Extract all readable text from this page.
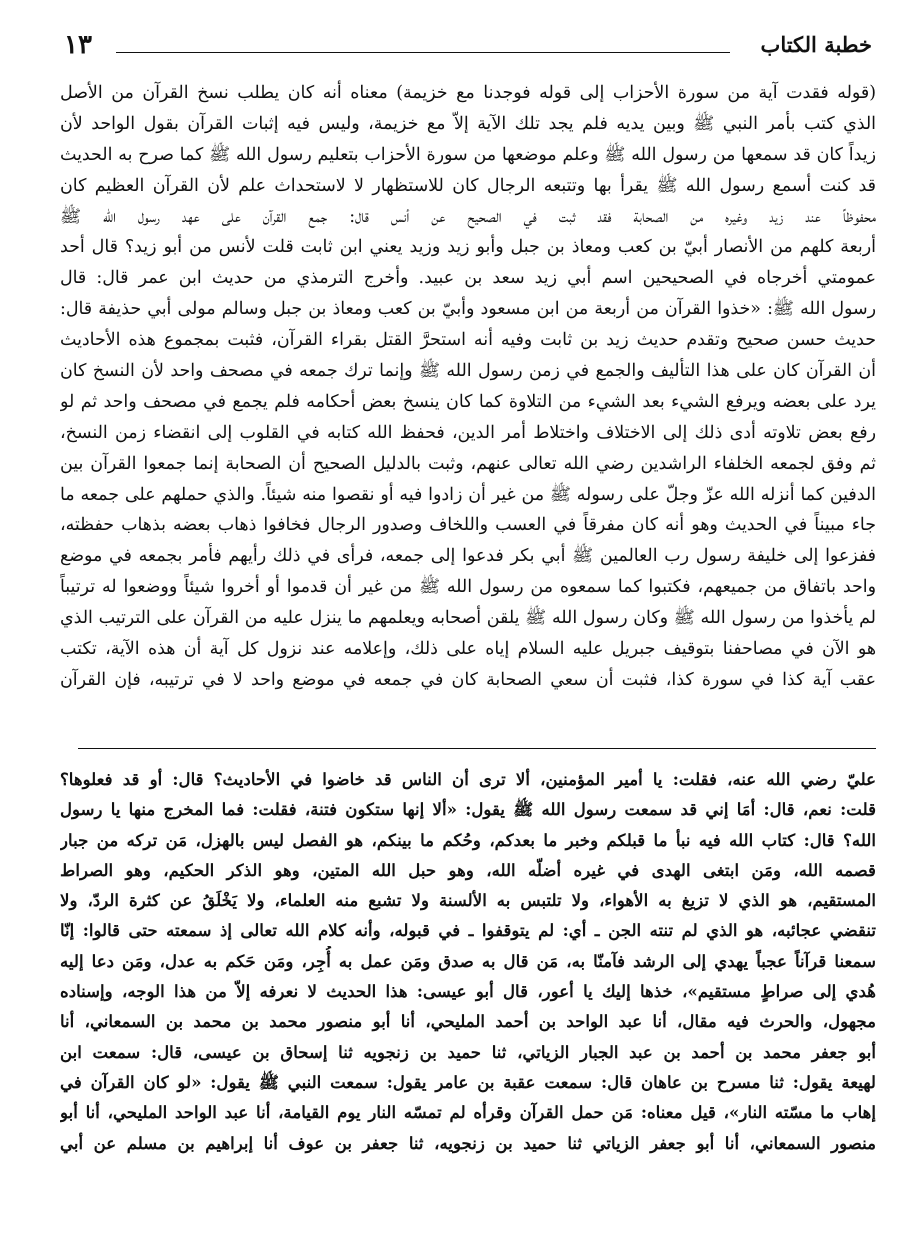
خطبة الكتاب
١٣
(قوله فقدت آية من سورة الأحزاب إلى قوله فوجدنا مع خزيمة) معناه أنه كان يطلب نسخ القرآن من الأصل
الذي كتب بأمر النبي ﷺ وبين يديه فلم يجد تلك الآية إلاّ مع خزيمة، وليس فيه إثبات القرآن بقول الواحد لأن
زيداً كان قد سمعها من رسول الله ﷺ وعلم موضعها من سورة الأحزاب بتعليم رسول الله ﷺ كما صرح به الحديث
قد كنت أسمع رسول الله ﷺ يقرأ بها وتتبعه الرجال كان للاستظهار لا لاستحداث علم لأن القرآن العظيم كان
محفوظاً عند زيد وغيره من الصحابة فقد ثبت في الصحيح عن أنس قال: جمع القرآن على عهد رسول الله ﷺ
أربعة كلهم من الأنصار أبيّ بن كعب ومعاذ بن جبل وأبو زيد وزيد يعني ابن ثابت قلت لأنس من أبو زيد؟ قال أحد
عمومتي أخرجاه في الصحيحين اسم أبي زيد سعد بن عبيد. وأخرج الترمذي من حديث ابن عمر قال: قال
رسول الله ﷺ: «خذوا القرآن من أربعة من ابن مسعود وأبيّ بن كعب ومعاذ بن جبل وسالم مولى أبي حذيفة قال:
حديث حسن صحيح وتقدم حديث زيد بن ثابت وفيه أنه استحرَّ القتل بقراء القرآن، فثبت بمجموع هذه الأحاديث
أن القرآن كان على هذا التأليف والجمع في زمن رسول الله ﷺ وإنما ترك جمعه في مصحف واحد لأن النسخ كان
يرد على بعضه ويرفع الشيء بعد الشيء من التلاوة كما كان ينسخ بعض أحكامه فلم يجمع في مصحف واحد ثم لو
رفع بعض تلاوته أدى ذلك إلى الاختلاف واختلاط أمر الدين، فحفظ الله كتابه في القلوب إلى انقضاء زمن النسخ،
ثم وفق لجمعه الخلفاء الراشدين رضي الله تعالى عنهم، وثبت بالدليل الصحيح أن الصحابة إنما جمعوا القرآن بين
الدفين كما أنزله الله عزّ وجلّ على رسوله ﷺ من غير أن زادوا فيه أو نقصوا منه شيئاً. والذي حملهم على جمعه ما
جاء مبيناً في الحديث وهو أنه كان مفرقاً في العسب واللخاف وصدور الرجال فخافوا ذهاب بعضه بذهاب حفظته،
ففزعوا إلى خليفة رسول رب العالمين ﷺ أبي بكر فدعوا إلى جمعه، فرأى في ذلك رأيهم فأمر بجمعه في موضع
واحد باتفاق من جميعهم، فكتبوا كما سمعوه من رسول الله ﷺ من غير أن قدموا أو أخروا شيئاً ووضعوا له ترتيباً
لم يأخذوا من رسول الله ﷺ وكان رسول الله ﷺ يلقن أصحابه ويعلمهم ما ينزل عليه من القرآن على الترتيب الذي
هو الآن في مصاحفنا بتوقيف جبريل عليه السلام إياه على ذلك، وإعلامه عند نزول كل آية أن هذه الآية، تكتب
عقب آية كذا في سورة كذا، فثبت أن سعي الصحابة كان في جمعه في موضع واحد لا في ترتيبه، فإن القرآن
عليّ رضي الله عنه، فقلت: يا أمير المؤمنين، ألا ترى أن الناس قد خاضوا في الأحاديث؟ قال: أو قد فعلوها؟
قلت: نعم، قال: أمَا إني قد سمعت رسول الله ﷺ يقول: «ألا إنها ستكون فتنة، فقلت: فما المخرج منها يا رسول
الله؟ قال: كتاب الله فيه نبأ ما قبلكم وخبر ما بعدكم، وحُكم ما بينكم، هو الفصل ليس بالهزل، مَن تركه من جبار
قصمه الله، ومَن ابتغى الهدى في غيره أضلّه الله، وهو حبل الله المتين، وهو الذكر الحكيم، وهو الصراط
المستقيم، هو الذي لا تزيغ به الأهواء، ولا تلتبس به الألسنة ولا تشبع منه العلماء، ولا يَخْلَقُ عن كثرة الردّ، ولا
تنقضي عجائبه، هو الذي لم تنته الجن ـ أي: لم يتوقفوا ـ في قبوله، وأنه كلام الله تعالى إذ سمعته حتى قالوا: إنّا
سمعنا قرآناً عجباً يهدي إلى الرشد فآمنّا به، مَن قال به صدق ومَن عمل به أُجِر، ومَن حَكم به عدل، ومَن دعا إليه
هُدي إلى صراطٍ مستقيم»، خذها إليك يا أعور، قال أبو عيسى: هذا الحديث لا نعرفه إلاّ من هذا الوجه، وإسناده
مجهول، والحرث فيه مقال، أنا عبد الواحد بن أحمد المليحي، أنا أبو منصور محمد بن محمد بن السمعاني، أنا
أبو جعفر محمد بن أحمد بن عبد الجبار الزياتي، ثنا حميد بن زنجويه ثنا إسحاق بن عيسى، قال: سمعت ابن
لهيعة يقول: ثنا مسرح بن عاهان قال: سمعت عقبة بن عامر يقول: سمعت النبي ﷺ يقول: «لو كان القرآن في
إهاب ما مسّته النار»، قيل معناه: مَن حمل القرآن وقرأه لم تمسّه النار يوم القيامة، أنا عبد الواحد المليحي، أنا أبو
منصور السمعاني، أنا أبو جعفر الزياتي ثنا حميد بن زنجويه، ثنا جعفر بن عوف أنا إبراهيم بن مسلم عن أبي
